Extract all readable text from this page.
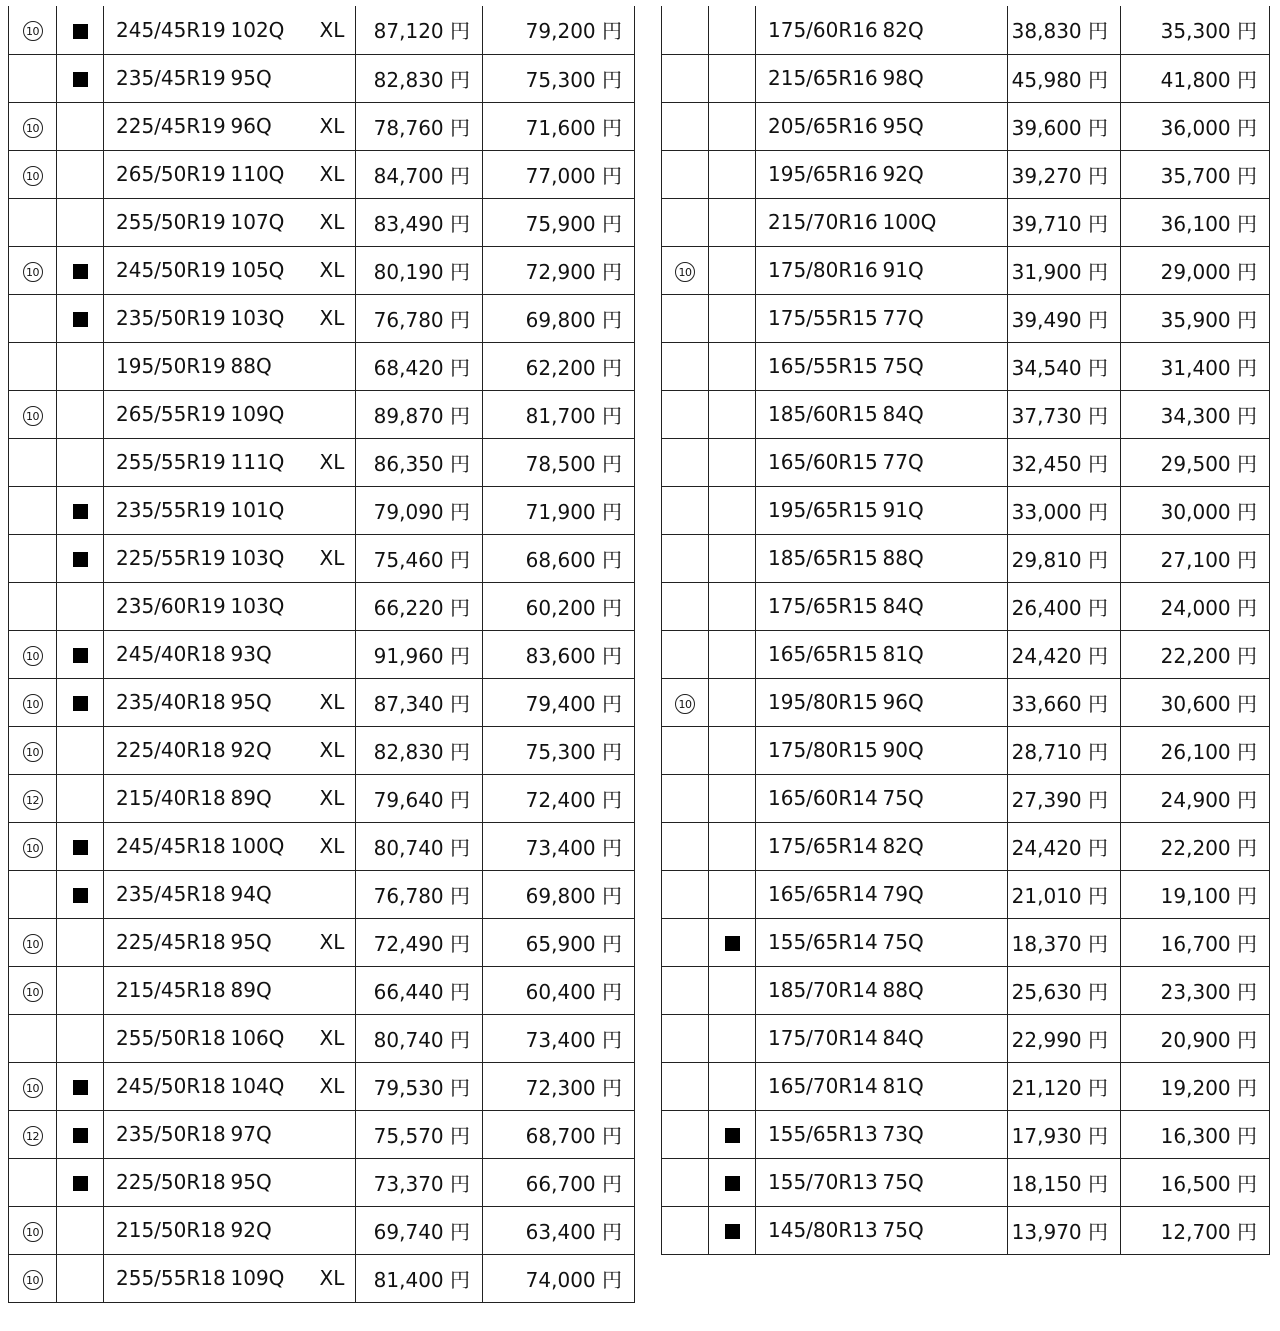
10		245/45R19	102Q	XL	87,120 円	79,200 円
		235/45R19	95Q		82,830 円	75,300 円
10		225/45R19	96Q	XL	78,760 円	71,600 円
10		265/50R19	110Q	XL	84,700 円	77,000 円
		255/50R19	107Q	XL	83,490 円	75,900 円
10		245/50R19	105Q	XL	80,190 円	72,900 円
		235/50R19	103Q	XL	76,780 円	69,800 円
		195/50R19	88Q		68,420 円	62,200 円
10		265/55R19	109Q		89,870 円	81,700 円
		255/55R19	111Q	XL	86,350 円	78,500 円
		235/55R19	101Q		79,090 円	71,900 円
		225/55R19	103Q	XL	75,460 円	68,600 円
		235/60R19	103Q		66,220 円	60,200 円
10		245/40R18	93Q		91,960 円	83,600 円
10		235/40R18	95Q	XL	87,340 円	79,400 円
10		225/40R18	92Q	XL	82,830 円	75,300 円
12		215/40R18	89Q	XL	79,640 円	72,400 円
10		245/45R18	100Q	XL	80,740 円	73,400 円
		235/45R18	94Q		76,780 円	69,800 円
10		225/45R18	95Q	XL	72,490 円	65,900 円
10		215/45R18	89Q		66,440 円	60,400 円
		255/50R18	106Q	XL	80,740 円	73,400 円
10		245/50R18	104Q	XL	79,530 円	72,300 円
12		235/50R18	97Q		75,570 円	68,700 円
		225/50R18	95Q		73,370 円	66,700 円
10		215/50R18	92Q		69,740 円	63,400 円
10		255/55R18	109Q	XL	81,400 円	74,000 円
		175/60R16	82Q		38,830 円	35,300 円
		215/65R16	98Q		45,980 円	41,800 円
		205/65R16	95Q		39,600 円	36,000 円
		195/65R16	92Q		39,270 円	35,700 円
		215/70R16	100Q		39,710 円	36,100 円
10		175/80R16	91Q		31,900 円	29,000 円
		175/55R15	77Q		39,490 円	35,900 円
		165/55R15	75Q		34,540 円	31,400 円
		185/60R15	84Q		37,730 円	34,300 円
		165/60R15	77Q		32,450 円	29,500 円
		195/65R15	91Q		33,000 円	30,000 円
		185/65R15	88Q		29,810 円	27,100 円
		175/65R15	84Q		26,400 円	24,000 円
		165/65R15	81Q		24,420 円	22,200 円
10		195/80R15	96Q		33,660 円	30,600 円
		175/80R15	90Q		28,710 円	26,100 円
		165/60R14	75Q		27,390 円	24,900 円
		175/65R14	82Q		24,420 円	22,200 円
		165/65R14	79Q		21,010 円	19,100 円
		155/65R14	75Q		18,370 円	16,700 円
		185/70R14	88Q		25,630 円	23,300 円
		175/70R14	84Q		22,990 円	20,900 円
		165/70R14	81Q		21,120 円	19,200 円
		155/65R13	73Q		17,930 円	16,300 円
		155/70R13	75Q		18,150 円	16,500 円
		145/80R13	75Q		13,970 円	12,700 円
